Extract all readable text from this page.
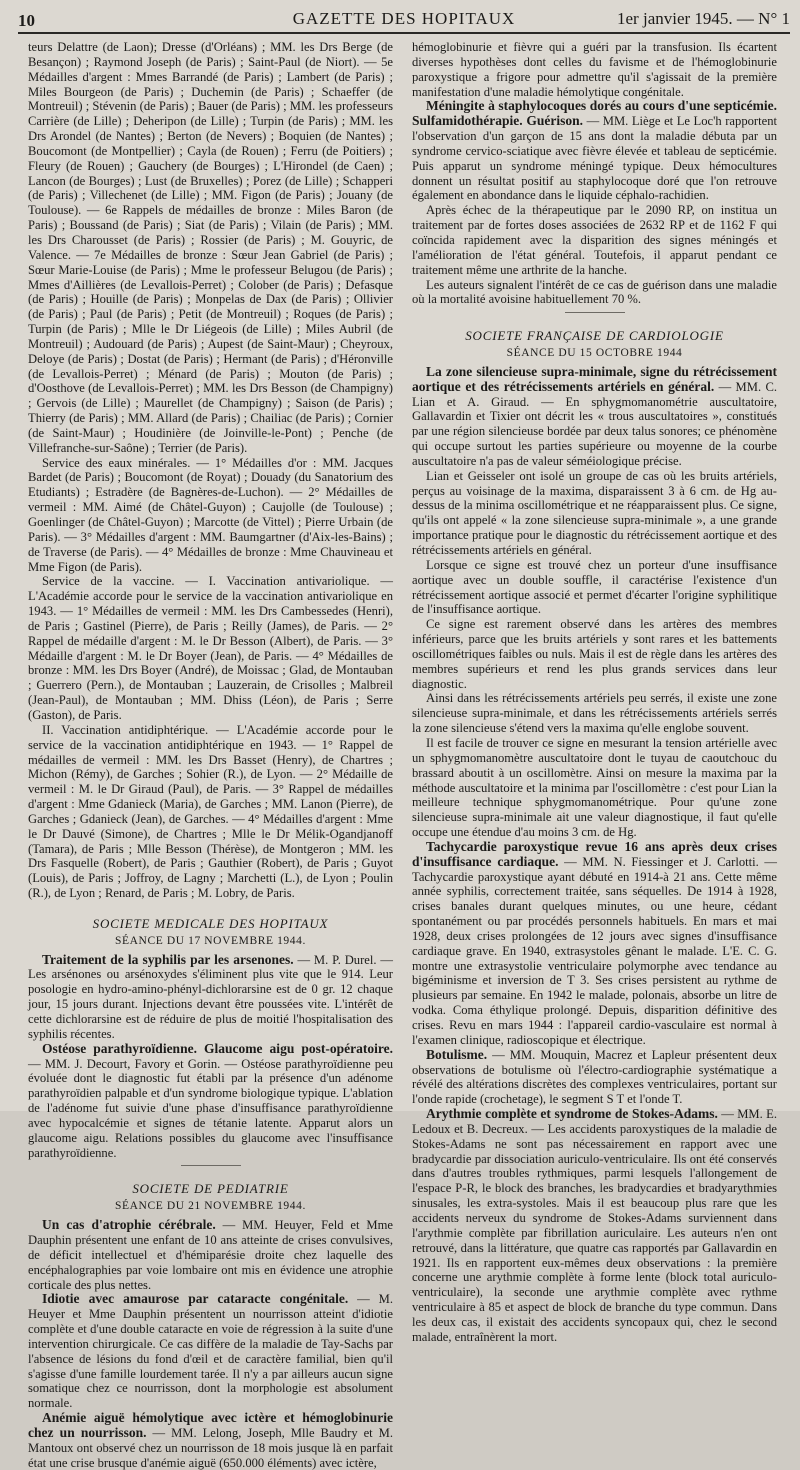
10	GAZETTE DES HOPITAUX	1er janvier 1945. — N° 1

teurs Delattre (de Laon); Dresse (d'Orléans) ; MM. les Drs Berge (de Besançon) ; Raymond Joseph (de Paris) ; Saint-Paul (de Niort). — 5e Médailles d'argent : Mmes Barrandé (de Paris) ; Lambert (de Paris) ; Miles Bourgeon (de Paris) ; Duchemin (de Paris) ; Schaeffer (de Montreuil) ; Stévenin (de Paris) ; Bauer (de Paris) ; MM. les professeurs Carrière (de Lille) ; Deheripon (de Lille) ; Turpin (de Paris) ; MM. les Drs Arondel (de Nantes) ; Berton (de Nevers) ; Boquien (de Nantes) ; Boucomont (de Montpellier) ; Cayla (de Rouen) ; Ferru (de Poitiers) ; Fleury (de Rouen) ; Gauchery (de Bourges) ; L'Hirondel (de Caen) ; Lancon (de Bourges) ; Lust (de Bruxelles) ; Porez (de Lille) ; Schapperi (de Paris) ; Villechenet (de Lille) ; MM. Figon (de Paris) ; Jouany (de Toulouse). — 6e Rappels de médailles de bronze : Miles Baron (de Paris) ; Boussand (de Paris) ; Siat (de Paris) ; Vilain (de Paris) ; MM. les Drs Charousset (de Paris) ; Rossier (de Paris) ; M. Gouyric, de Valence. — 7e Médailles de bronze : Sœur Jean Gabriel (de Paris) ; Sœur Marie-Louise (de Paris) ; Mme le professeur Belugou (de Paris) ; Mmes d'Aillières (de Levallois-Perret) ; Colober (de Paris) ; Defasque (de Paris) ; Houille (de Paris) ; Monpelas de Dax (de Paris) ; Ollivier (de Paris) ; Paul (de Paris) ; Petit (de Montreuil) ; Roques (de Paris) ; Turpin (de Paris) ; Mlle le Dr Liégeois (de Lille) ; Miles Aubril (de Montreuil) ; Audouard (de Paris) ; Aupest (de Saint-Maur) ; Cheyroux, Deloye (de Paris) ; Dostat (de Paris) ; Hermant (de Paris) ; d'Héronville (de Levallois-Perret) ; Ménard (de Paris) ; Mouton (de Paris) ; d'Oosthove (de Levallois-Perret) ; MM. les Drs Besson (de Champigny) ; Gervois (de Lille) ; Maurellet (de Champigny) ; Saison (de Paris) ; Thierry (de Paris) ; MM. Allard (de Paris) ; Chailiac (de Paris) ; Cornier (de Saint-Maur) ; Houdinière (de Joinville-le-Pont) ; Penche (de Villefranche-sur-Saône) ; Terrier (de Paris).

Service des eaux minérales. — 1° Médailles d'or : MM. Jacques Bardet (de Paris) ; Boucomont (de Royat) ; Douady (du Sanatorium des Etudiants) ; Estradère (de Bagnères-de-Luchon). — 2° Médailles de vermeil : MM. Aimé (de Châtel-Guyon) ; Caujolle (de Toulouse) ; Goenlinger (de Châtel-Guyon) ; Marcotte (de Vittel) ; Pierre Urbain (de Paris). — 3° Médailles d'argent : MM. Baumgartner (d'Aix-les-Bains) ; de Traverse (de Paris). — 4° Médailles de bronze : Mme Chauvineau et Mme Figon (de Paris).

Service de la vaccine. — I. Vaccination antivariolique. — L'Académie accorde pour le service de la vaccination antivariolique en 1943. — 1° Médailles de vermeil : MM. les Drs Cambessedes (Henri), de Paris ; Gastinel (Pierre), de Paris ; Reilly (James), de Paris. — 2° Rappel de médaille d'argent : M. le Dr Besson (Albert), de Paris. — 3° Médaille d'argent : M. le Dr Boyer (Jean), de Paris. — 4° Médailles de bronze : MM. les Drs Boyer (André), de Moissac ; Glad, de Montauban ; Guerrero (Pern.), de Montauban ; Lauzerain, de Crisolles ; Malbreil (Jean-Paul), de Montauban ; MM. Dhiss (Léon), de Paris ; Serre (Gaston), de Paris.

II. Vaccination antidiphtérique. — L'Académie accorde pour le service de la vaccination antidiphtérique en 1943. — 1° Rappel de médailles de vermeil : MM. les Drs Basset (Henry), de Chartres ; Michon (Rémy), de Garches ; Sohier (R.), de Lyon. — 2° Médaille de vermeil : M. le Dr Giraud (Paul), de Paris. — 3° Rappel de médailles d'argent : Mme Gdanieck (Maria), de Garches ; MM. Lanon (Pierre), de Garches ; Gdanieck (Jean), de Garches. — 4° Médailles d'argent : Mme le Dr Dauvé (Simone), de Chartres ; Mlle le Dr Mélik-Ogandjanoff (Tamara), de Paris ; Mlle Besson (Thérèse), de Montgeron ; MM. les Drs Fasquelle (Robert), de Paris ; Gauthier (Robert), de Paris ; Guyot (Louis), de Paris ; Joffroy, de Lagny ; Marchetti (L.), de Lyon ; Poulin (R.), de Lyon ; Renard, de Paris ; M. Lobry, de Paris.

SOCIETE MEDICALE DES HOPITAUX
SÉANCE DU 17 NOVEMBRE 1944.

Traitement de la syphilis par les arsenones. — M. P. Durel. — Les arsénones ou arsénoxydes s'éliminent plus vite que le 914. Leur posologie en hydro-amino-phényl-dichlorarsine est de 0 gr. 12 chaque jour, 15 jours durant. Injections devant être poussées vite. L'intérêt de cette dichlorarsine est de réduire de plus de moitié l'hospitalisation des syphilis récentes.

Ostéose parathyroïdienne. Glaucome aigu post-opératoire. — MM. J. Decourt, Favory et Gorin. — Ostéose parathyroïdienne peu évoluée dont le diagnostic fut établi par la présence d'un adénome parathyroïdien palpable et d'un syndrome biologique typique. L'ablation de l'adénome fut suivie d'une phase d'insuffisance parathyroïdienne avec hypocalcémie et signes de tétanie latente. Apparut alors un glaucome aigu. Relations possibles du glaucome avec l'insuffisance parathyroïdienne.

SOCIETE DE PEDIATRIE
SÉANCE DU 21 NOVEMBRE 1944.

Un cas d'atrophie cérébrale. — MM. Heuyer, Feld et Mme Dauphin présentent une enfant de 10 ans atteinte de crises convulsives, de déficit intellectuel et d'hémiparésie droite chez laquelle des encéphalographies par voie lombaire ont mis en évidence une atrophie corticale des plus nettes.

Idiotie avec amaurose par cataracte congénitale. — M. Heuyer et Mme Dauphin présentent un nourrisson atteint d'idiotie complète et d'une double cataracte en voie de régression à la suite d'une intervention chirurgicale. Ce cas diffère de la maladie de Tay-Sachs par l'absence de lésions du fond d'œil et de caractère familial, bien qu'il s'agisse d'une famille lourdement tarée. Il n'y a par ailleurs aucun signe somatique chez ce nourrisson, dont la morphologie est absolument normale.

Anémie aiguë hémolytique avec ictère et hémoglobinurie chez un nourrisson. — MM. Lelong, Joseph, Mlle Baudry et M. Mantoux ont observé chez un nourrisson de 18 mois jusque là en parfait état une crise brusque d'anémie aiguë (650.000 éléments) avec ictère,

hémoglobinurie et fièvre qui a guéri par la transfusion. Ils écartent diverses hypothèses dont celles du favisme et de l'hémoglobinurie paroxystique a frigore pour admettre qu'il s'agissait de la première manifestation d'une maladie hémolytique congénitale.

Méningite à staphylocoques dorés au cours d'une septicémie. Sulfamidothérapie. Guérison. — MM. Liège et Le Loc'h rapportent l'observation d'un garçon de 15 ans dont la maladie débuta par un syndrome cervico-sciatique avec fièvre élevée et tableau de septicémie. Puis apparut un syndrome méningé typique. Deux hémocultures donnent un résultat positif au staphylocoque doré que l'on retrouve également en abondance dans le liquide céphalo-rachidien.

Après échec de la thérapeutique par le 2090 RP, on institua un traitement par de fortes doses associées de 2632 RP et de 1162 F qui coïncida rapidement avec la disparition des signes méningés et l'amélioration de l'état général. Toutefois, il apparut pendant ce traitement même une arthrite de la hanche.

Les auteurs signalent l'intérêt de ce cas de guérison dans une maladie où la mortalité avoisine habituellement 70 %.

SOCIETE FRANÇAISE DE CARDIOLOGIE
SÉANCE DU 15 OCTOBRE 1944

La zone silencieuse supra-minimale, signe du rétrécissement aortique et des rétrécissements artériels en général. — MM. C. Lian et A. Giraud. — En sphygmomanométrie auscultatoire, Gallavardin et Tixier ont décrit les « trous auscultatoires », constitués par une région silencieuse bordée par deux talus sonores; ce phénomène qui occupe surtout les parties supérieure ou moyenne de la courbe auscultatoire n'a pas de valeur séméiologique précise.

Lian et Geisseler ont isolé un groupe de cas où les bruits artériels, perçus au voisinage de la maxima, disparaissent 3 à 6 cm. de Hg au-dessus de la minima oscillométrique et ne réapparaissent plus. Ce signe, qu'ils ont appelé « la zone silencieuse supra-minimale », a une grande importance pratique pour le diagnostic du rétrécissement aortique et des rétrécissements artériels en général.

Lorsque ce signe est trouvé chez un porteur d'une insuffisance aortique avec un double souffle, il caractérise l'existence d'un rétrécissement aortique associé et permet d'écarter l'origine syphilitique de l'insuffisance aortique.

Ce signe est rarement observé dans les artères des membres inférieurs, parce que les bruits artériels y sont rares et les battements oscillométriques faibles ou nuls. Mais il est de règle dans les artères des membres supérieurs et rend les plus grands services dans leur diagnostic.

Ainsi dans les rétrécissements artériels peu serrés, il existe une zone silencieuse supra-minimale, et dans les rétrécissements artériels serrés la zone silencieuse s'étend vers la maxima qu'elle englobe souvent.

Il est facile de trouver ce signe en mesurant la tension artérielle avec un sphygmomanomètre auscultatoire dont le tuyau de caoutchouc du brassard aboutit à un oscillomètre. Ainsi on mesure la maxima par la méthode auscultatoire et la minima par l'oscillomètre : c'est pour Lian la meilleure technique sphygmomanométrique. Pour qu'une zone silencieuse supra-minimale ait une valeur diagnostique, il faut qu'elle occupe une étendue d'au moins 3 cm. de Hg.

Tachycardie paroxystique revue 16 ans après deux crises d'insuffisance cardiaque. — MM. N. Fiessinger et J. Carlotti. — Tachycardie paroxystique ayant débuté en 1914-à 21 ans. Cette même année syphilis, correctement traitée, sans séquelles. De 1914 à 1928, crises banales durant quelques minutes, ou une heure, cédant spontanément ou par procédés personnels habituels. En mars et mai 1928, deux crises prolongées de 12 jours avec signes d'insuffisance cardiaque grave. En 1940, extrasystoles gênant le malade. L'E. C. G. montre une extrasystolie ventriculaire polymorphe avec tendance au bigéminisme et inversion de T 3. Ses crises persistent au rythme de plusieurs par semaine. En 1942 le malade, polonais, absorbe un litre de vodka. Coma éthylique prolongé. Depuis, disparition définitive des crises. Revu en mars 1944 : l'appareil cardio-vasculaire est normal à l'examen clinique, radioscopique et électrique.

Botulisme. — MM. Mouquin, Macrez et Lapleur présentent deux observations de botulisme où l'électro-cardiographie systématique a révélé des altérations discrètes des complexes ventriculaires, portant sur l'onde rapide (crochetage), le segment S T et l'onde T.

Arythmie complète et syndrome de Stokes-Adams. — MM. E. Ledoux et B. Decreux. — Les accidents paroxystiques de la maladie de Stokes-Adams ne sont pas nécessairement en rapport avec une bradycardie par dissociation auriculo-ventriculaire. Ils ont été conservés dans d'autres troubles rythmiques, parmi lesquels l'allongement de l'espace P-R, le block des branches, les bradycardies et bradyarythmies sinusales, les extra-systoles. Mais il est beaucoup plus rare que les accidents nerveux du syndrome de Stokes-Adams surviennent dans l'arythmie complète par fibrillation auriculaire. Les auteurs n'en ont retrouvé, dans la littérature, que quatre cas rapportés par Gallavardin en 1921. Ils en rapportent eux-mêmes deux observations : la première concerne une arythmie complète à forme lente (block total auriculo-ventriculaire), la seconde une arythmie complète avec rythme ventriculaire à 85 et aspect de block de branche du type commun. Dans les deux cas, il existait des accidents syncopaux qui, chez le second malade, entraînèrent la mort.
